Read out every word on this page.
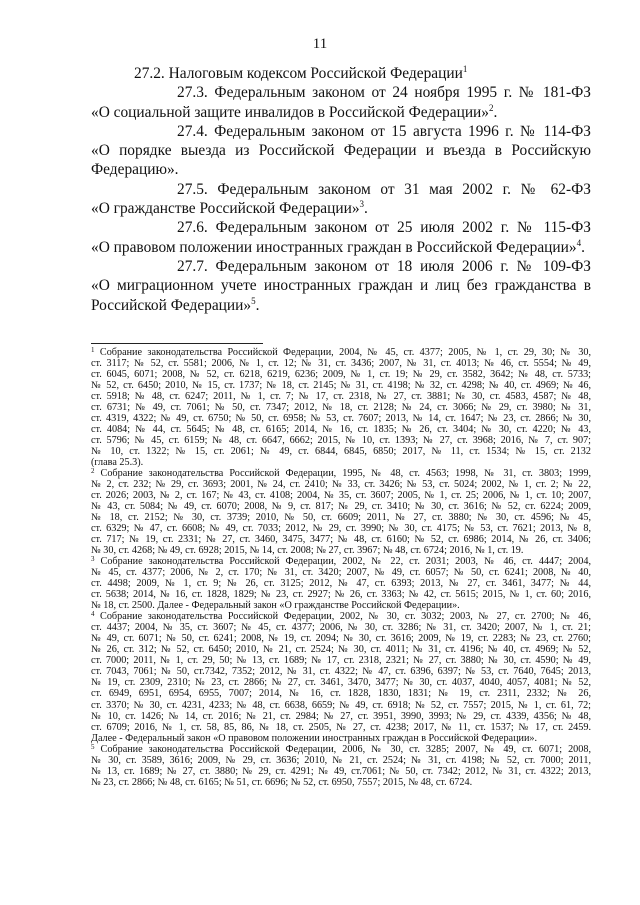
11

27.2. Налоговым кодексом Российской Федерации$^1$

27.3. Федеральным законом от 24 ноября 1995 г. № 181-ФЗ «О социальной защите инвалидов в Российской Федерации»$^2$.

27.4. Федеральным законом от 15 августа 1996 г. № 114-ФЗ «О порядке выезда из Российской Федерации и въезда в Российскую Федерацию».

27.5. Федеральным законом от 31 мая 2002 г. № 62-ФЗ «О гражданстве Российской Федерации»$^3$.

27.6. Федеральным законом от 25 июля 2002 г. № 115-ФЗ «О правовом положении иностранных граждан в Российской Федерации»$^4$.

27.7. Федеральным законом от 18 июля 2006 г. № 109-ФЗ «О миграционном учете иностранных граждан и лиц без гражданства в Российской Федерации»$^5$.

$^1$ Собрание законодательства Российской Федерации, 2004, № 45, ст. 4377; 2005, № 1, ст. 29, 30; № 30,
ст. 3117; № 52, ст. 5581; 2006, № 1, ст. 12; № 31, ст. 3436; 2007, № 31, ст. 4013; № 46, ст. 5554; № 49,
ст. 6045, 6071; 2008, № 52, ст. 6218, 6219, 6236; 2009, № 1, ст. 19; № 29, ст. 3582, 3642; № 48, ст. 5733;
№ 52, ст. 6450; 2010, № 15, ст. 1737; № 18, ст. 2145; № 31, ст. 4198; № 32, ст. 4298; № 40, ст. 4969; № 46,
ст. 5918; № 48, ст. 6247; 2011, № 1, ст. 7; № 17, ст. 2318, № 27, ст. 3881; № 30, ст. 4583, 4587; № 48,
ст. 6731; № 49, ст. 7061; № 50, ст. 7347; 2012, № 18, ст. 2128; № 24, ст. 3066; № 29, ст. 3980; № 31,
ст. 4319, 4322; № 49, ст. 6750; № 50, ст. 6958; № 53, ст. 7607; 2013, № 14, ст. 1647; № 23, ст. 2866; № 30,
ст. 4084; № 44, ст. 5645; № 48, ст. 6165; 2014, № 16, ст. 1835; № 26, ст. 3404; № 30, ст. 4220; № 43,
ст. 5796; № 45, ст. 6159; № 48, ст. 6647, 6662; 2015, № 10, ст. 1393; № 27, ст. 3968; 2016, № 7, ст. 907;
№ 10, ст. 1322; № 15, ст. 2061; № 49, ст. 6844, 6845, 6850; 2017, № 11, ст. 1534; № 15, ст. 2132
(глава 25.3).

$^2$ Собрание законодательства Российской Федерации, 1995, № 48, ст. 4563; 1998, № 31, ст. 3803; 1999,
№ 2, ст. 232; № 29, ст. 3693; 2001, № 24, ст. 2410; № 33, ст. 3426; № 53, ст. 5024; 2002, № 1, ст. 2; № 22,
ст. 2026; 2003, № 2, ст. 167; № 43, ст. 4108; 2004, № 35, ст. 3607; 2005, № 1, ст. 25; 2006, № 1, ст. 10; 2007,
№ 43, ст. 5084; № 49, ст. 6070; 2008, № 9, ст. 817; № 29, ст. 3410; № 30, ст. 3616; № 52, ст. 6224; 2009,
№ 18, ст. 2152; № 30, ст. 3739; 2010, № 50, ст. 6609; 2011, № 27, ст. 3880; № 30, ст. 4596; № 45,
ст. 6329; № 47, ст. 6608; № 49, ст. 7033; 2012, № 29, ст. 3990; № 30, ст. 4175; № 53, ст. 7621; 2013, № 8,
ст. 717; № 19, ст. 2331; № 27, ст. 3460, 3475, 3477; № 48, ст. 6160; № 52, ст. 6986; 2014, № 26, ст. 3406;
№ 30, ст. 4268; № 49, ст. 6928; 2015, № 14, ст. 2008; № 27, ст. 3967; № 48, ст. 6724; 2016, № 1, ст. 19.

$^3$ Собрание законодательства Российской Федерации, 2002, № 22, ст. 2031; 2003, № 46, ст. 4447; 2004,
№ 45, ст. 4377; 2006, № 2, ст. 170; № 31, ст. 3420; 2007, № 49, ст. 6057; № 50, ст. 6241; 2008, № 40,
ст. 4498; 2009, № 1, ст. 9; № 26, ст. 3125; 2012, № 47, ст. 6393; 2013, № 27, ст. 3461, 3477; № 44,
ст. 5638; 2014, № 16, ст. 1828, 1829; № 23, ст. 2927; № 26, ст. 3363; № 42, ст. 5615; 2015, № 1, ст. 60; 2016,
№ 18, ст. 2500. Далее - Федеральный закон «О гражданстве Российской Федерации».

$^4$ Собрание законодательства Российской Федерации, 2002, № 30, ст. 3032; 2003, № 27, ст. 2700; № 46,
ст. 4437; 2004, № 35, ст. 3607; № 45, ст. 4377; 2006, № 30, ст. 3286; № 31, ст. 3420; 2007, № 1, ст. 21;
№ 49, ст. 6071; № 50, ст. 6241; 2008, № 19, ст. 2094; № 30, ст. 3616; 2009, № 19, ст. 2283; № 23, ст. 2760;
№ 26, ст. 312; № 52, ст. 6450; 2010, № 21, ст. 2524; № 30, ст. 4011; № 31, ст. 4196; № 40, ст. 4969; № 52,
ст. 7000; 2011, № 1, ст. 29, 50; № 13, ст. 1689; № 17, ст. 2318, 2321; № 27, ст. 3880; № 30, ст. 4590; № 49,
ст. 7043, 7061; № 50, ст.7342, 7352; 2012, № 31, ст. 4322; № 47, ст. 6396, 6397; № 53, ст. 7640, 7645; 2013,
№ 19, ст. 2309, 2310; № 23, ст. 2866; № 27, ст. 3461, 3470, 3477; № 30, ст. 4037, 4040, 4057, 4081; № 52,
ст. 6949, 6951, 6954, 6955, 7007; 2014, № 16, ст. 1828, 1830, 1831; № 19, ст. 2311, 2332; № 26,
ст. 3370; № 30, ст. 4231, 4233; № 48, ст. 6638, 6659; № 49, ст. 6918; № 52, ст. 7557; 2015, № 1, ст. 61, 72;
№ 10, ст. 1426; № 14, ст. 2016; № 21, ст. 2984; № 27, ст. 3951, 3990, 3993; № 29, ст. 4339, 4356; № 48,
ст. 6709; 2016, № 1, ст. 58, 85, 86, № 18, ст. 2505, № 27, ст. 4238; 2017, № 11, ст. 1537; № 17, ст. 2459.
Далее - Федеральный закон «О правовом положении иностранных граждан в Российской Федерации».

$^5$ Собрание законодательства Российской Федерации, 2006, № 30, ст. 3285; 2007, № 49, ст. 6071; 2008,
№ 30, ст. 3589, 3616; 2009, № 29, ст. 3636; 2010, № 21, ст. 2524; № 31, ст. 4198; № 52, ст. 7000; 2011,
№ 13, ст. 1689; № 27, ст. 3880; № 29, ст. 4291; № 49, ст.7061; № 50, ст. 7342; 2012, № 31, ст. 4322; 2013,
№ 23, ст. 2866; № 48, ст. 6165; № 51, ст. 6696; № 52, ст. 6950, 7557; 2015, № 48, ст. 6724.
